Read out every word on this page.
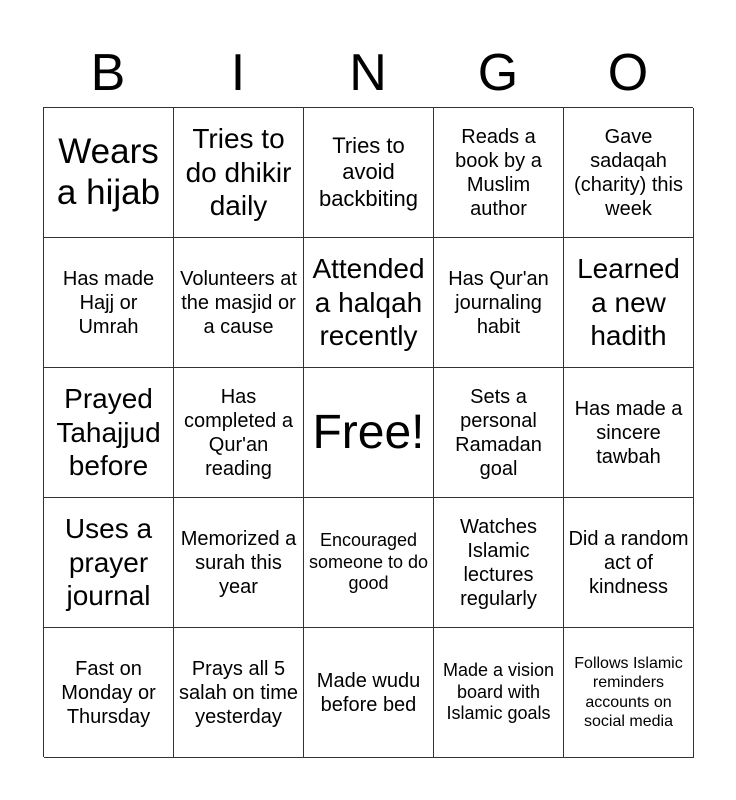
B	I	N	G	O
Wears a hijab
Tries to do dhikir daily
Tries to avoid backbiting
Reads a book by a Muslim author
Gave sadaqah (charity) this week
Has made Hajj or Umrah
Volunteers at the masjid or a cause
Attended a halqah recently
Has Qur'an journaling habit
Learned a new hadith
Prayed Tahajjud before
Has completed a Qur'an reading
Free!
Sets a personal Ramadan goal
Has made a sincere tawbah
Uses a prayer journal
Memorized a surah this year
Encouraged someone to do good
Watches Islamic lectures regularly
Did a random act of kindness
Fast on Monday or Thursday
Prays all 5 salah on time yesterday
Made wudu before bed
Made a vision board with Islamic goals
Follows Islamic reminders accounts on social media
